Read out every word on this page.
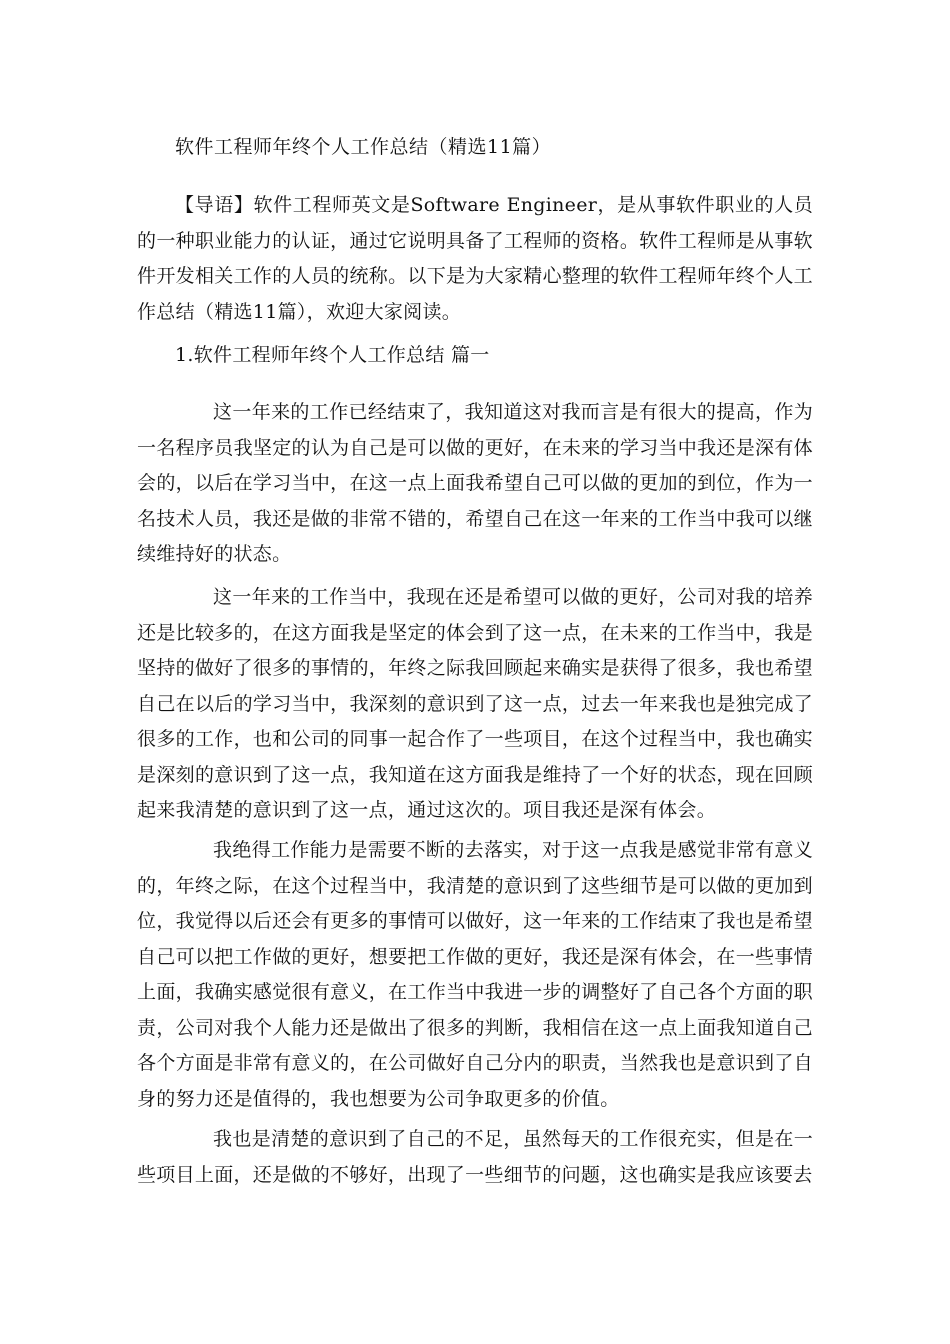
软件工程师年终个人工作总结（精选11篇）

【导语】软件工程师英文是Software Engineer，是从事软件职业的人员的一种职业能力的认证，通过它说明具备了工程师的资格。软件工程师是从事软件开发相关工作的人员的统称。以下是为大家精心整理的软件工程师年终个人工作总结（精选11篇），欢迎大家阅读。

1.软件工程师年终个人工作总结 篇一

这一年来的工作已经结束了，我知道这对我而言是有很大的提高，作为一名程序员我坚定的认为自己是可以做的更好，在未来的学习当中我还是深有体会的，以后在学习当中，在这一点上面我希望自己可以做的更加的到位，作为一名技术人员，我还是做的非常不错的，希望自己在这一年来的工作当中我可以继续维持好的状态。

这一年来的工作当中，我现在还是希望可以做的更好，公司对我的培养还是比较多的，在这方面我是坚定的体会到了这一点，在未来的工作当中，我是坚持的做好了很多的事情的，年终之际我回顾起来确实是获得了很多，我也希望自己在以后的学习当中，我深刻的意识到了这一点，过去一年来我也是独完成了很多的工作，也和公司的同事一起合作了一些项目，在这个过程当中，我也确实是深刻的意识到了这一点，我知道在这方面我是维持了一个好的状态，现在回顾起来我清楚的意识到了这一点，通过这次的。项目我还是深有体会。

我绝得工作能力是需要不断的去落实，对于这一点我是感觉非常有意义的，年终之际，在这个过程当中，我清楚的意识到了这些细节是可以做的更加到位，我觉得以后还会有更多的事情可以做好，这一年来的工作结束了我也是希望自己可以把工作做的更好，想要把工作做的更好，我还是深有体会，在一些事情上面，我确实感觉很有意义，在工作当中我进一步的调整好了自己各个方面的职责，公司对我个人能力还是做出了很多的判断，我相信在这一点上面我知道自己各个方面是非常有意义的，在公司做好自己分内的职责，当然我也是意识到了自身的努力还是值得的，我也想要为公司争取更多的价值。

我也是清楚的意识到了自己的不足，虽然每天的工作很充实，但是在一些项目上面，还是做的不够好，出现了一些细节的问题，这也确实是我应该要去
